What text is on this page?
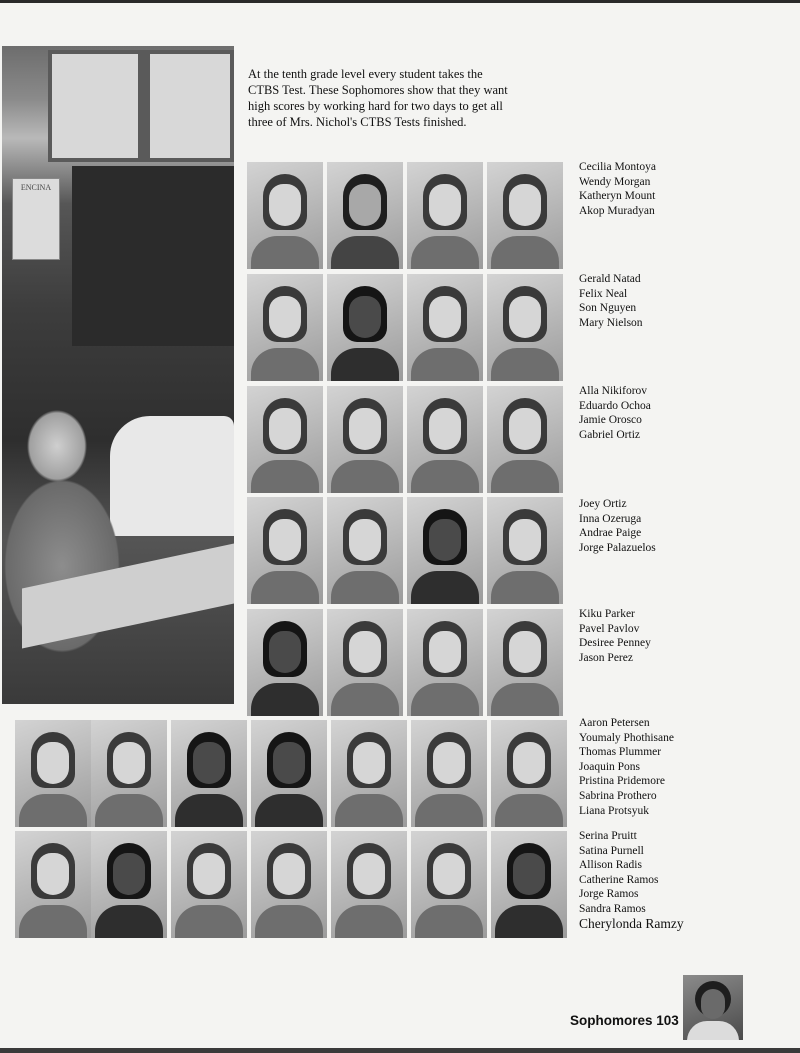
ENCINA
At the tenth grade level every student takes the CTBS Test. These Sophomores show that they want high scores by working hard for two days to get all three of Mrs. Nichol's CTBS Tests finished.
Cecilia Montoya
Wendy Morgan
Katheryn Mount
Akop Muradyan
Gerald Natad
Felix Neal
Son Nguyen
Mary Nielson
Alla Nikiforov
Eduardo Ochoa
Jamie Orosco
Gabriel Ortiz
Joey Ortiz
Inna Ozeruga
Andrae Paige
Jorge Palazuelos
Kiku Parker
Pavel Pavlov
Desiree Penney
Jason Perez
Aaron Petersen
Youmaly Phothisane
Thomas Plummer
Joaquin Pons
Pristina Pridemore
Sabrina Prothero
Liana Protsyuk
Serina Pruitt
Satina Purnell
Allison Radis
Catherine Ramos
Jorge Ramos
Sandra Ramos
Cherylonda Ramzy
Sophomores 103
